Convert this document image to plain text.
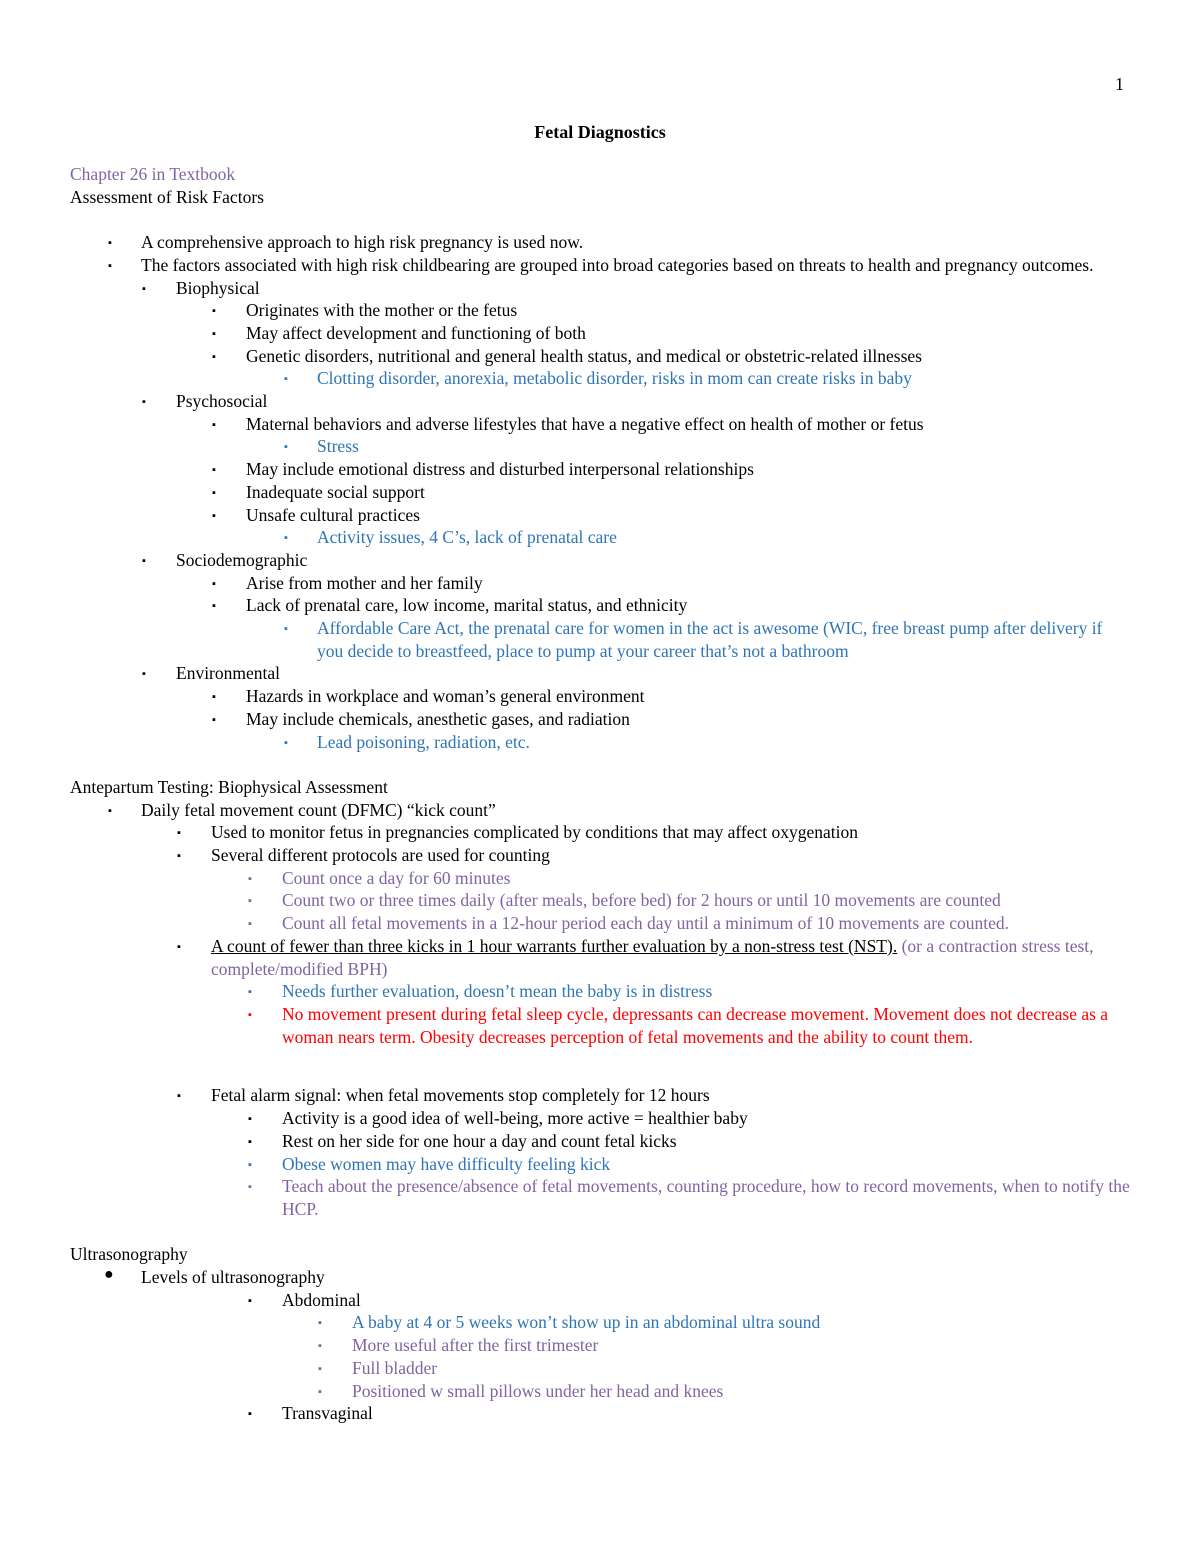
1
Fetal Diagnostics
Chapter 26 in Textbook
Assessment of Risk Factors
▪ A comprehensive approach to high risk pregnancy is used now.
▪ The factors associated with high risk childbearing are grouped into broad categories based on threats to health and pregnancy outcomes.
▪ Biophysical
▪ Originates with the mother or the fetus
▪ May affect development and functioning of both
▪ Genetic disorders, nutritional and general health status, and medical or obstetric-related illnesses
▪ Clotting disorder, anorexia, metabolic disorder, risks in mom can create risks in baby
▪ Psychosocial
▪ Maternal behaviors and adverse lifestyles that have a negative effect on health of mother or fetus
▪ Stress
▪ May include emotional distress and disturbed interpersonal relationships
▪ Inadequate social support
▪ Unsafe cultural practices
▪ Activity issues, 4 C’s, lack of prenatal care
▪ Sociodemographic
▪ Arise from mother and her family
▪ Lack of prenatal care, low income, marital status, and ethnicity
▪ Affordable Care Act, the prenatal care for women in the act is awesome (WIC, free breast pump after delivery if you decide to breastfeed, place to pump at your career that’s not a bathroom
▪ Environmental
▪ Hazards in workplace and woman’s general environment
▪ May include chemicals, anesthetic gases, and radiation
▪ Lead poisoning, radiation, etc.
Antepartum Testing: Biophysical Assessment
▪ Daily fetal movement count (DFMC) “kick count”
▪ Used to monitor fetus in pregnancies complicated by conditions that may affect oxygenation
▪ Several different protocols are used for counting
▪ Count once a day for 60 minutes
▪ Count two or three times daily (after meals, before bed) for 2 hours or until 10 movements are counted
▪ Count all fetal movements in a 12-hour period each day until a minimum of 10 movements are counted.
▪ A count of fewer than three kicks in 1 hour warrants further evaluation by a non-stress test (NST). (or a contraction stress test, complete/modified BPH)
▪ Needs further evaluation, doesn’t mean the baby is in distress
▪ No movement present during fetal sleep cycle, depressants can decrease movement. Movement does not decrease as a woman nears term. Obesity decreases perception of fetal movements and the ability to count them.
▪ Fetal alarm signal: when fetal movements stop completely for 12 hours
▪ Activity is a good idea of well-being, more active = healthier baby
▪ Rest on her side for one hour a day and count fetal kicks
▪ Obese women may have difficulty feeling kick
▪ Teach about the presence/absence of fetal movements, counting procedure, how to record movements, when to notify the HCP.
Ultrasonography
● Levels of ultrasonography
▪ Abdominal
▪ A baby at 4 or 5 weeks won’t show up in an abdominal ultra sound
▪ More useful after the first trimester
▪ Full bladder
▪ Positioned w small pillows under her head and knees
▪ Transvaginal
